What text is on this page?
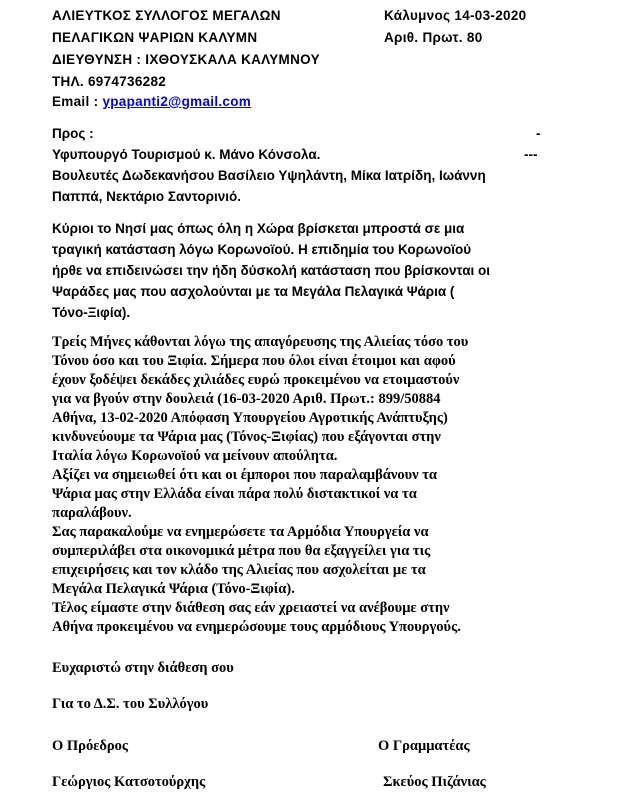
ΑΛΙΕΥΤΚΟΣ ΣΥΛΛΟΓΟΣ ΜΕΓΑΛΩΝ
ΠΕΛΑΓΙΚΩΝ ΨΑΡΙΩΝ ΚΑΛΥΜΝ
ΔΙΕΥΘΥΝΣΗ : ΙΧΘΟΥΣΚΑΛΑ ΚΑΛΥΜΝΟΥ
ΤΗΛ. 6974736282
Email : ypapanti2@gmail.com
Κάλυμνος 14-03-2020
Αριθ. Πρωτ. 80
Προς :	-
Υφυπουργό Τουρισμού κ. Μάνο Κόνσολα.	---
Βουλευτές Δωδεκανήσου Βασίλειο Υψηλάντη, Μίκα Ιατρίδη, Ιωάννη
Παππά, Νεκτάριο Σαντορινιό.
Κύριοι το Νησί μας όπως όλη η Χώρα βρίσκεται μπροστά σε μια
τραγική κατάσταση λόγω Κορωνοϊού. Η επιδημία του Κορωνοϊού
ήρθε να επιδεινώσει την ήδη δύσκολή κατάσταση που βρίσκονται οι
Ψαράδες μας που ασχολούνται με τα Μεγάλα Πελαγικά Ψάρια (
Τόνο-Ξιφία).
Τρείς Μήνες κάθονται λόγω της απαγόρευσης της Αλιείας τόσο του
Τόνου όσο και του Ξιφία. Σήμερα που όλοι είναι έτοιμοι και αφού
έχουν ξοδέψει δεκάδες χιλιάδες ευρώ προκειμένου να ετοιμαστούν
για να βγούν στην δουλειά (16-03-2020 Αριθ. Πρωτ.: 899/50884
Αθήνα, 13-02-2020 Απόφαση Υπουργείου Αγροτικής Ανάπτυξης)
κινδυνεύουμε τα Ψάρια μας (Τόνος-Ξιφίας) που εξάγονται στην
Ιταλία λόγω Κορωνοϊού να μείνουν απούλητα.
Αξίζει να σημειωθεί ότι και οι έμποροι που παραλαμβάνουν τα
Ψάρια μας στην Ελλάδα είναι πάρα πολύ διστακτικοί να τα
παραλάβουν.
Σας παρακαλούμε να ενημερώσετε τα Αρμόδια Υπουργεία να
συμπεριλάβει στα οικονομικά μέτρα που θα εξαγγείλει για τις
επιχειρήσεις και τον κλάδο της Αλιείας που ασχολείται με τα
Μεγάλα Πελαγικά Ψάρια (Τόνο-Ξιφία).
Τέλος είμαστε στην διάθεση σας εάν χρειαστεί να ανέβουμε στην
Αθήνα προκειμένου να ενημερώσουμε τους αρμόδιους Υπουργούς.
Ευχαριστώ στην διάθεση σου
Για το Δ.Σ. του Συλλόγου
Ο Πρόεδρος	Ο Γραμματέας
Γεώργιος Κατσοτούρχης	Σκεύος Πιζάνιας
